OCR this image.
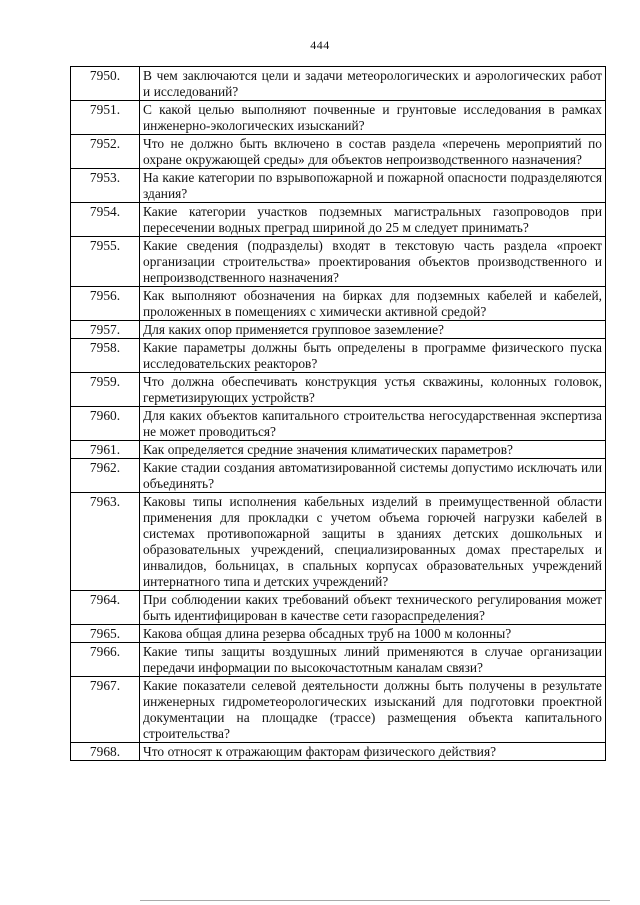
444
7950.	В чем заключаются цели и задачи метеорологических и аэрологических работ и исследований?
7951.	С какой целью выполняют почвенные и грунтовые исследования в рамках инженерно-экологических изысканий?
7952.	Что не должно быть включено в состав раздела «перечень мероприятий по охране окружающей среды» для объектов непроизводственного назначения?
7953.	На какие категории по взрывопожарной и пожарной опасности подразделяются здания?
7954.	Какие категории участков подземных магистральных газопроводов при пересечении водных преград шириной до 25 м следует принимать?
7955.	Какие сведения (подразделы) входят в текстовую часть раздела «проект организации строительства» проектирования объектов производственного и непроизводственного назначения?
7956.	Как выполняют обозначения на бирках для подземных кабелей и кабелей, проложенных в помещениях с химически активной средой?
7957.	Для каких опор применяется групповое заземление?
7958.	Какие параметры должны быть определены в программе физического пуска исследовательских реакторов?
7959.	Что должна обеспечивать конструкция устья скважины, колонных головок, герметизирующих устройств?
7960.	Для каких объектов капитального строительства негосударственная экспертиза не может проводиться?
7961.	Как определяется средние значения климатических параметров?
7962.	Какие стадии создания автоматизированной системы допустимо исключать или объединять?
7963.	Каковы типы исполнения кабельных изделий в преимущественной области применения для прокладки с учетом объема горючей нагрузки кабелей в системах противопожарной защиты в зданиях детских дошкольных и образовательных учреждений, специализированных домах престарелых и инвалидов, больницах, в спальных корпусах образовательных учреждений интернатного типа и детских учреждений?
7964.	При соблюдении каких требований объект технического регулирования может быть идентифицирован в качестве сети газораспределения?
7965.	Какова общая длина резерва обсадных труб на 1000 м колонны?
7966.	Какие типы защиты воздушных линий применяются в случае организации передачи информации по высокочастотным каналам связи?
7967.	Какие показатели селевой деятельности должны быть получены в результате инженерных гидрометеорологических изысканий для подготовки проектной документации на площадке (трассе) размещения объекта капитального строительства?
7968.	Что относят к отражающим факторам физического действия?
